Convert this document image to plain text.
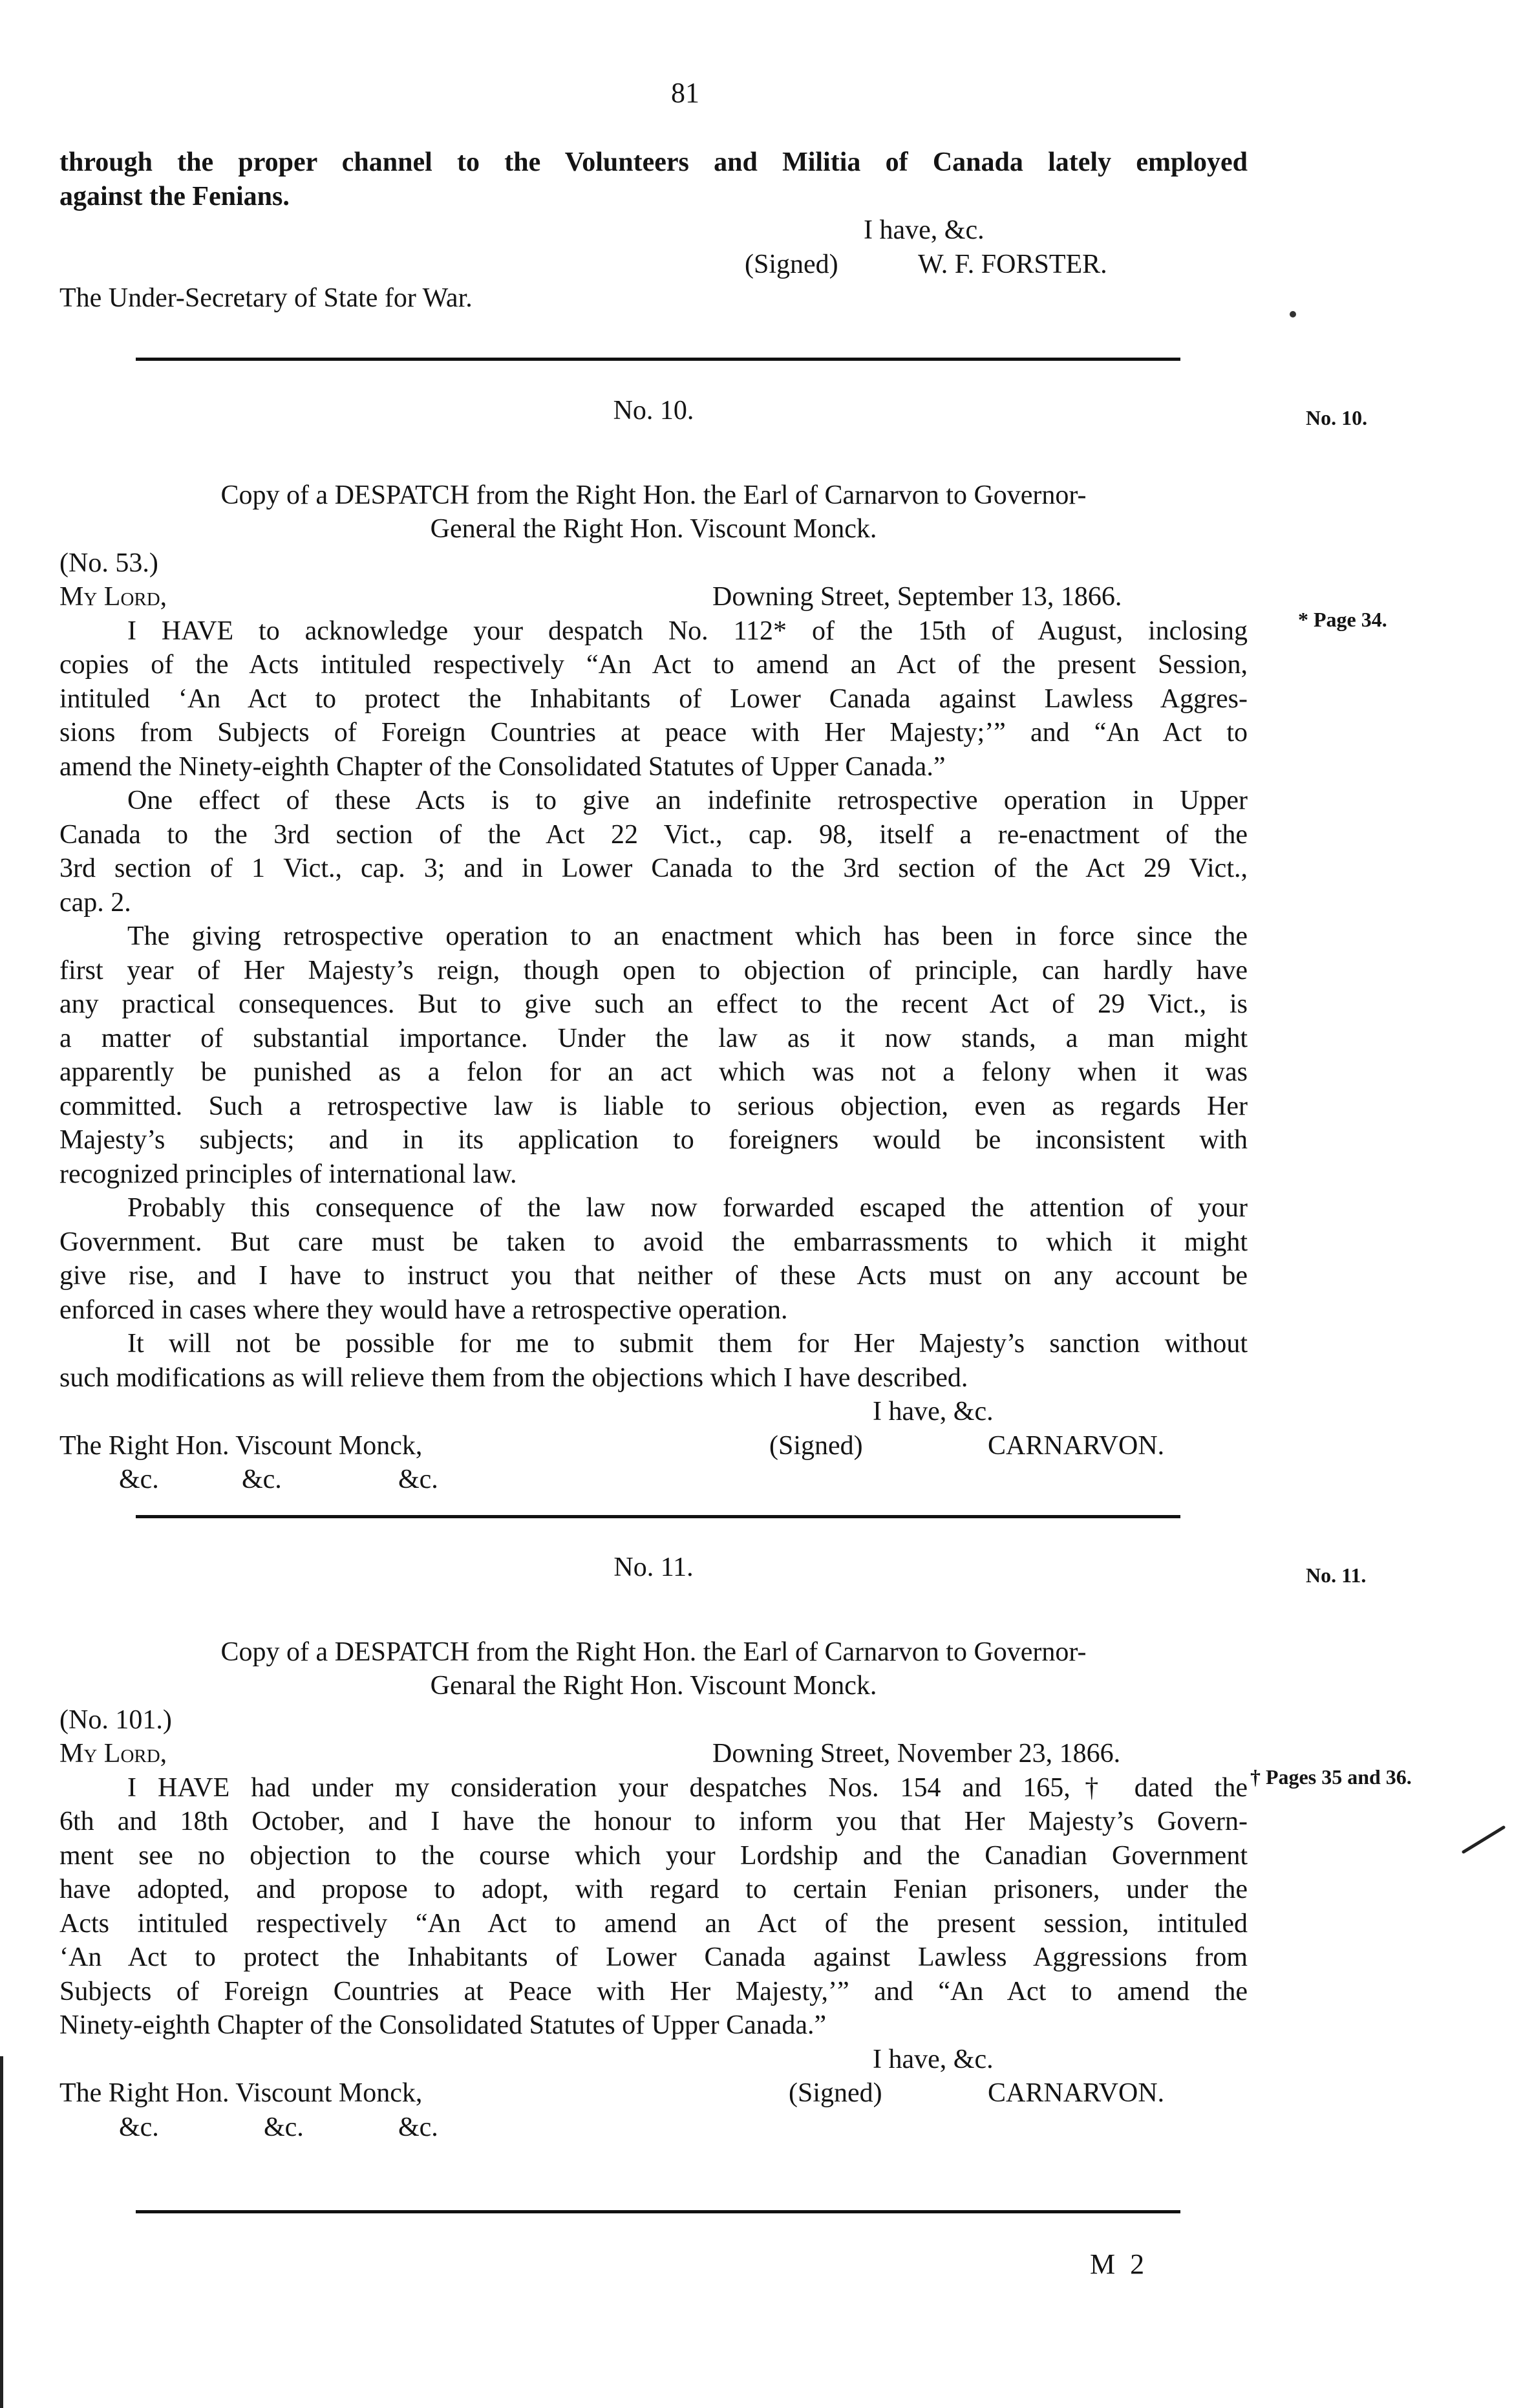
81
through the proper channel to the Volunteers and Militia of Canada lately employed
against the Fenians.
I have, &c.
(Signed)	W. F. FORSTER.
The Under-Secretary of State for War.
No. 10.
Copy of a DESPATCH from the Right Hon. the Earl of Carnarvon to Governor-
General the Right Hon. Viscount Monck.
(No. 53.)
My Lord,	Downing Street, September 13, 1866.
I HAVE to acknowledge your despatch No. 112* of the 15th of August, inclosing
copies of the Acts intituled respectively “An Act to amend an Act of the present Session,
intituled ‘An Act to protect the Inhabitants of Lower Canada against Lawless Aggres-
sions from Subjects of Foreign Countries at peace with Her Majesty;’” and “An Act to
amend the Ninety-eighth Chapter of the Consolidated Statutes of Upper Canada.”
One effect of these Acts is to give an indefinite retrospective operation in Upper
Canada to the 3rd section of the Act 22 Vict., cap. 98, itself a re-enactment of the
3rd section of 1 Vict., cap. 3; and in Lower Canada to the 3rd section of the Act 29 Vict.,
cap. 2.
The giving retrospective operation to an enactment which has been in force since the
first year of Her Majesty’s reign, though open to objection of principle, can hardly have
any practical consequences. But to give such an effect to the recent Act of 29 Vict., is
a matter of substantial importance. Under the law as it now stands, a man might
apparently be punished as a felon for an act which was not a felony when it was
committed. Such a retrospective law is liable to serious objection, even as regards Her
Majesty’s subjects; and in its application to foreigners would be inconsistent with
recognized principles of international law.
Probably this consequence of the law now forwarded escaped the attention of your
Government. But care must be taken to avoid the embarrassments to which it might
give rise, and I have to instruct you that neither of these Acts must on any account be
enforced in cases where they would have a retrospective operation.
It will not be possible for me to submit them for Her Majesty’s sanction without
such modifications as will relieve them from the objections which I have described.
I have, &c.
The Right Hon. Viscount Monck,	(Signed)	CARNARVON.
&c.	&c.	&c.
No. 10.
* Page 34.
No. 11.
Copy of a DESPATCH from the Right Hon. the Earl of Carnarvon to Governor-
Genaral the Right Hon. Viscount Monck.
(No. 101.)
My Lord,	Downing Street, November 23, 1866.
I HAVE had under my consideration your despatches Nos. 154 and 165,† dated the
6th and 18th October, and I have the honour to inform you that Her Majesty’s Govern-
ment see no objection to the course which your Lordship and the Canadian Government
have adopted, and propose to adopt, with regard to certain Fenian prisoners, under the
Acts intituled respectively “An Act to amend an Act of the present session, intituled
‘An Act to protect the Inhabitants of Lower Canada against Lawless Aggressions from
Subjects of Foreign Countries at Peace with Her Majesty,’” and “An Act to amend the
Ninety-eighth Chapter of the Consolidated Statutes of Upper Canada.”
I have, &c.
The Right Hon. Viscount Monck,	(Signed)	CARNARVON.
&c.	&c.	&c.
No. 11.
† Pages 35 and 36.
M 2
